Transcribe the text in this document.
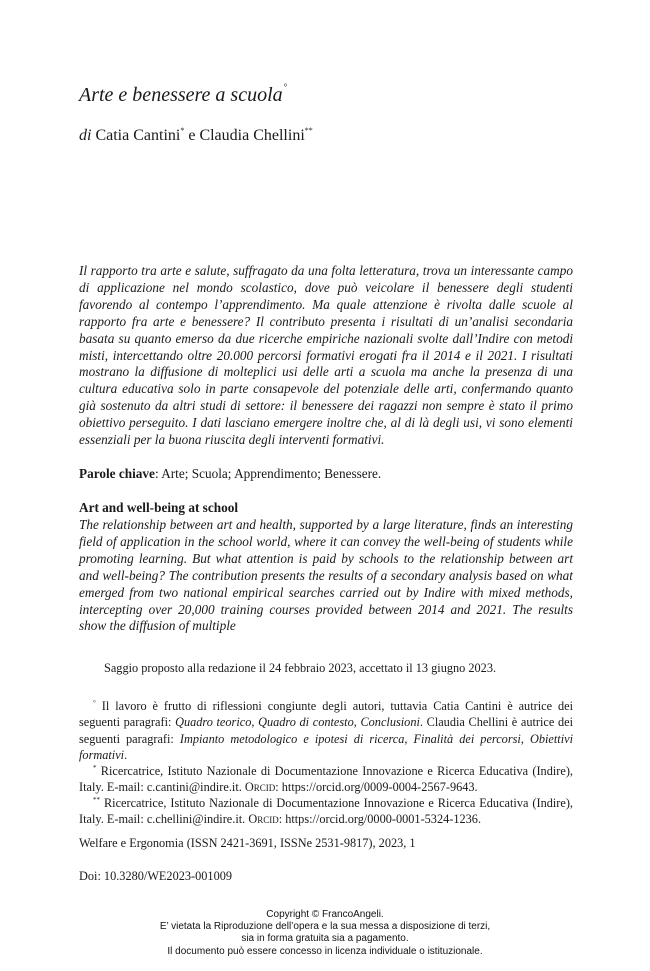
Arte e benessere a scuola°
di Catia Cantini* e Claudia Chellini**
Il rapporto tra arte e salute, suffragato da una folta letteratura, trova un interessante campo di applicazione nel mondo scolastico, dove può veicolare il benessere degli studenti favorendo al contempo l’apprendimento. Ma quale attenzione è rivolta dalle scuole al rapporto fra arte e benessere? Il contributo presenta i risultati di un’analisi secondaria basata su quanto emerso da due ricerche empiriche nazionali svolte dall’Indire con metodi misti, intercettando oltre 20.000 percorsi formativi erogati fra il 2014 e il 2021. I risultati mostrano la diffusione di molteplici usi delle arti a scuola ma anche la presenza di una cultura educativa solo in parte consapevole del potenziale delle arti, confermando quanto già sostenuto da altri studi di settore: il benessere dei ragazzi non sempre è stato il primo obiettivo perseguito. I dati lasciano emergere inoltre che, al di là degli usi, vi sono elementi essenziali per la buona riuscita degli interventi formativi.
Parole chiave: Arte; Scuola; Apprendimento; Benessere.
Art and well-being at school
The relationship between art and health, supported by a large literature, finds an interesting field of application in the school world, where it can convey the well-being of students while promoting learning. But what attention is paid by schools to the relationship between art and well-being? The contribution presents the results of a secondary analysis based on what emerged from two national empirical searches carried out by Indire with mixed methods, intercepting over 20,000 training courses provided between 2014 and 2021. The results show the diffusion of multiple
Saggio proposto alla redazione il 24 febbraio 2023, accettato il 13 giugno 2023.

° Il lavoro è frutto di riflessioni congiunte degli autori, tuttavia Catia Cantini è autrice dei seguenti paragrafi: Quadro teorico, Quadro di contesto, Conclusioni. Claudia Chellini è autrice dei seguenti paragrafi: Impianto metodologico e ipotesi di ricerca, Finalità dei percorsi, Obiettivi formativi.

* Ricercatrice, Istituto Nazionale di Documentazione Innovazione e Ricerca Educativa (Indire), Italy. E-mail: c.cantini@indire.it. Orcid: https://orcid.org/0009-0004-2567-9643.

** Ricercatrice, Istituto Nazionale di Documentazione Innovazione e Ricerca Educativa (Indire), Italy. E-mail: c.chellini@indire.it. Orcid: https://orcid.org/0000-0001-5324-1236.

Welfare e Ergonomia (ISSN 2421-3691, ISSNe 2531-9817), 2023, 1
Doi: 10.3280/WE2023-001009
Copyright © FrancoAngeli.
E’ vietata la Riproduzione dell’opera e la sua messa a disposizione di terzi,
sia in forma gratuita sia a pagamento.
Il documento può essere concesso in licenza individuale o istituzionale.
